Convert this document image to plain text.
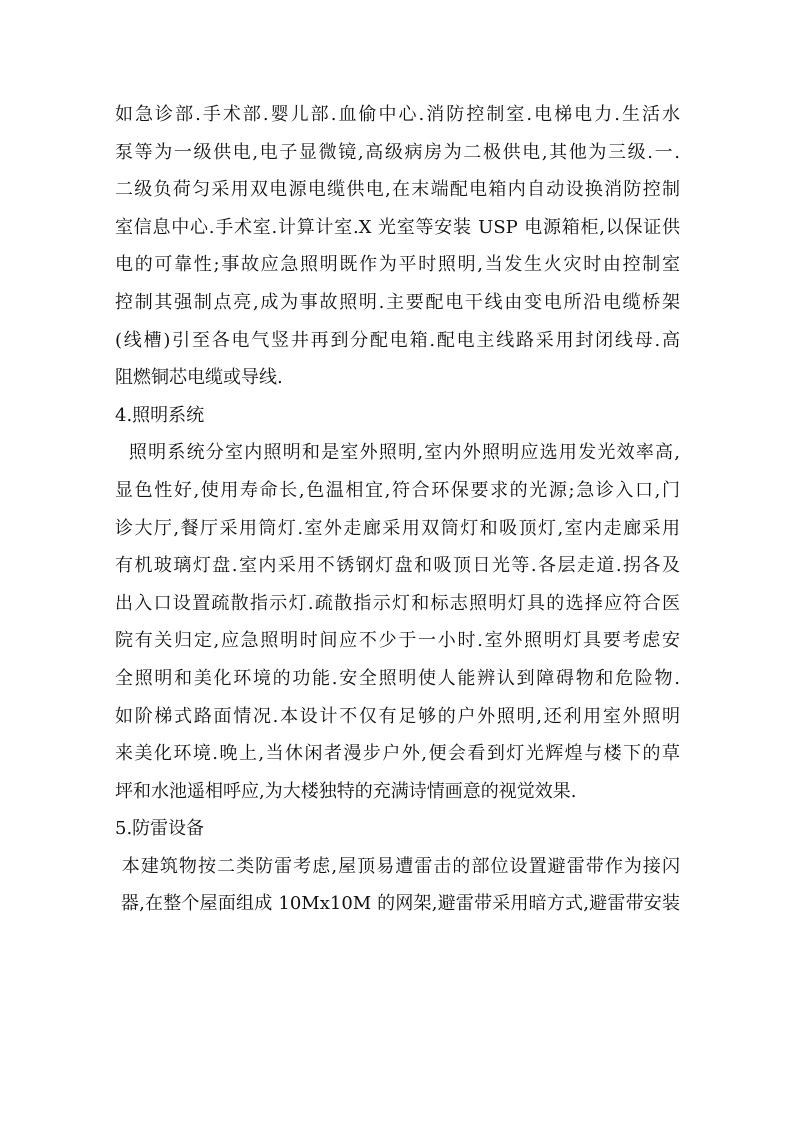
如急诊部.手术部.婴儿部.血偷中心.消防控制室.电梯电力.生活水
泵等为一级供电,电子显微镜,高级病房为二极供电,其他为三级.一.
二级负荷匀采用双电源电缆供电,在末端配电箱内自动设换消防控制
室信息中心.手术室.计算计室.X 光室等安装 USP 电源箱柜,以保证供
电的可靠性;事故应急照明既作为平时照明,当发生火灾时由控制室
控制其强制点亮,成为事故照明.主要配电干线由变电所沿电缆桥架
(线槽)引至各电气竖井再到分配电箱.配电主线路采用封闭线母.高
阻燃铜芯电缆或导线.
4.照明系统
照明系统分室内照明和是室外照明,室内外照明应选用发光效率高,
显色性好,使用寿命长,色温相宜,符合环保要求的光源;急诊入口,门
诊大厅,餐厅采用筒灯.室外走廊采用双筒灯和吸顶灯,室内走廊采用
有机玻璃灯盘.室内采用不锈钢灯盘和吸顶日光等.各层走道.拐各及
出入口设置疏散指示灯.疏散指示灯和标志照明灯具的选择应符合医
院有关归定,应急照明时间应不少于一小时.室外照明灯具要考虑安
全照明和美化环境的功能.安全照明使人能辨认到障碍物和危险物.
如阶梯式路面情况.本设计不仅有足够的户外照明,还利用室外照明
来美化环境.晚上,当休闲者漫步户外,便会看到灯光辉煌与楼下的草
坪和水池遥相呼应,为大楼独特的充满诗情画意的视觉效果.
5.防雷设备
本建筑物按二类防雷考虑,屋顶易遭雷击的部位设置避雷带作为接闪
器,在整个屋面组成 10Mx10M 的网架,避雷带采用暗方式,避雷带安装
